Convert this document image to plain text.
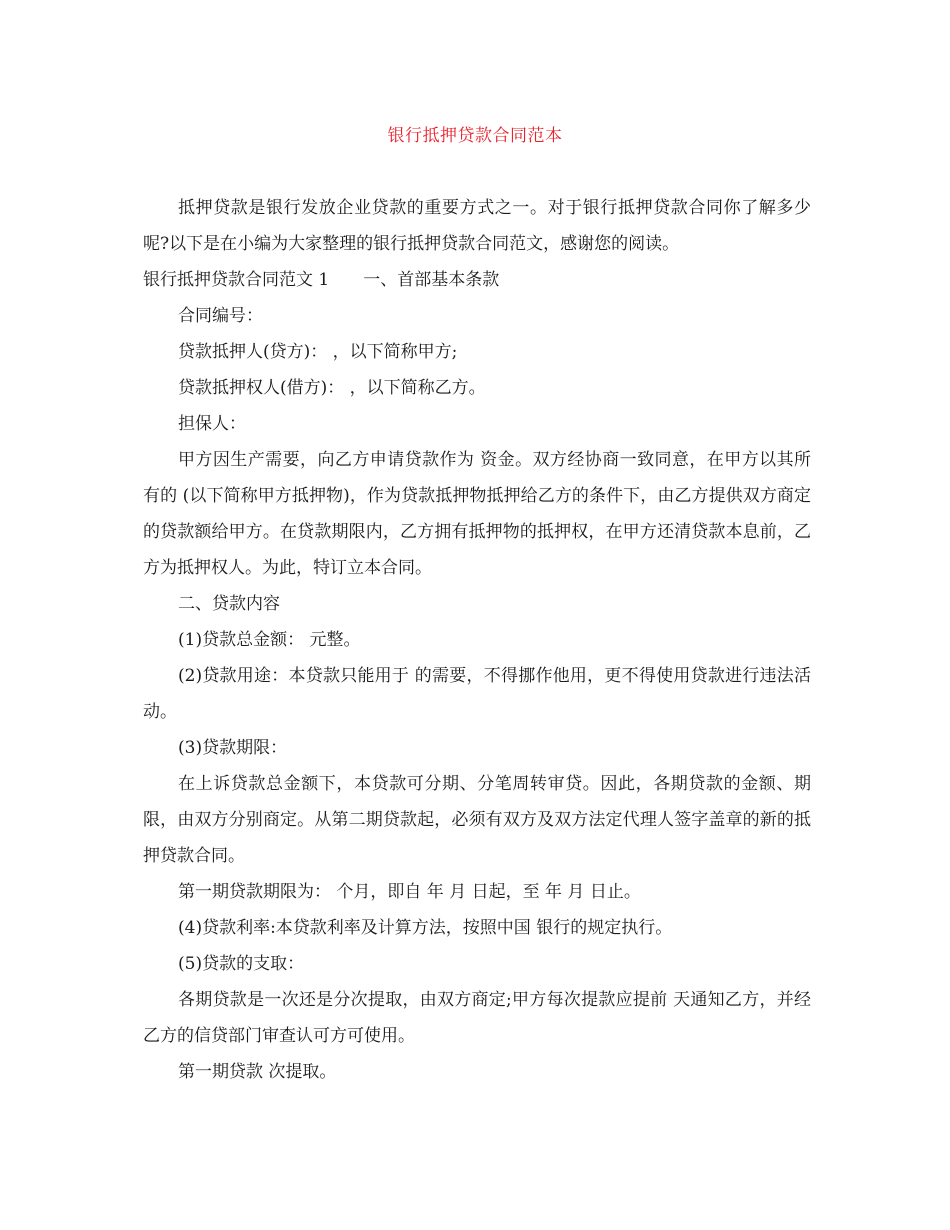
银行抵押贷款合同范本

抵押贷款是银行发放企业贷款的重要方式之一。对于银行抵押贷款合同你了解多少呢?以下是在小编为大家整理的银行抵押贷款合同范文，感谢您的阅读。

银行抵押贷款合同范文 1 一、首部基本条款

合同编号：

贷款抵押人(贷方)： ，以下简称甲方;

贷款抵押权人(借方)： ，以下简称乙方。

担保人：

甲方因生产需要，向乙方申请贷款作为 资金。双方经协商一致同意，在甲方以其所有的 (以下简称甲方抵押物)，作为贷款抵押物抵押给乙方的条件下，由乙方提供双方商定的贷款额给甲方。在贷款期限内，乙方拥有抵押物的抵押权，在甲方还清贷款本息前，乙方为抵押权人。为此，特订立本合同。

二、贷款内容

(1)贷款总金额： 元整。

(2)贷款用途：本贷款只能用于 的需要，不得挪作他用，更不得使用贷款进行违法活动。

(3)贷款期限：

在上诉贷款总金额下，本贷款可分期、分笔周转审贷。因此，各期贷款的金额、期限，由双方分别商定。从第二期贷款起，必须有双方及双方法定代理人签字盖章的新的抵押贷款合同。

第一期贷款期限为： 个月，即自 年 月 日起，至 年 月 日止。

(4)贷款利率:本贷款利率及计算方法，按照中国 银行的规定执行。

(5)贷款的支取：

各期贷款是一次还是分次提取，由双方商定;甲方每次提款应提前 天通知乙方，并经乙方的信贷部门审查认可方可使用。

第一期贷款 次提取。
